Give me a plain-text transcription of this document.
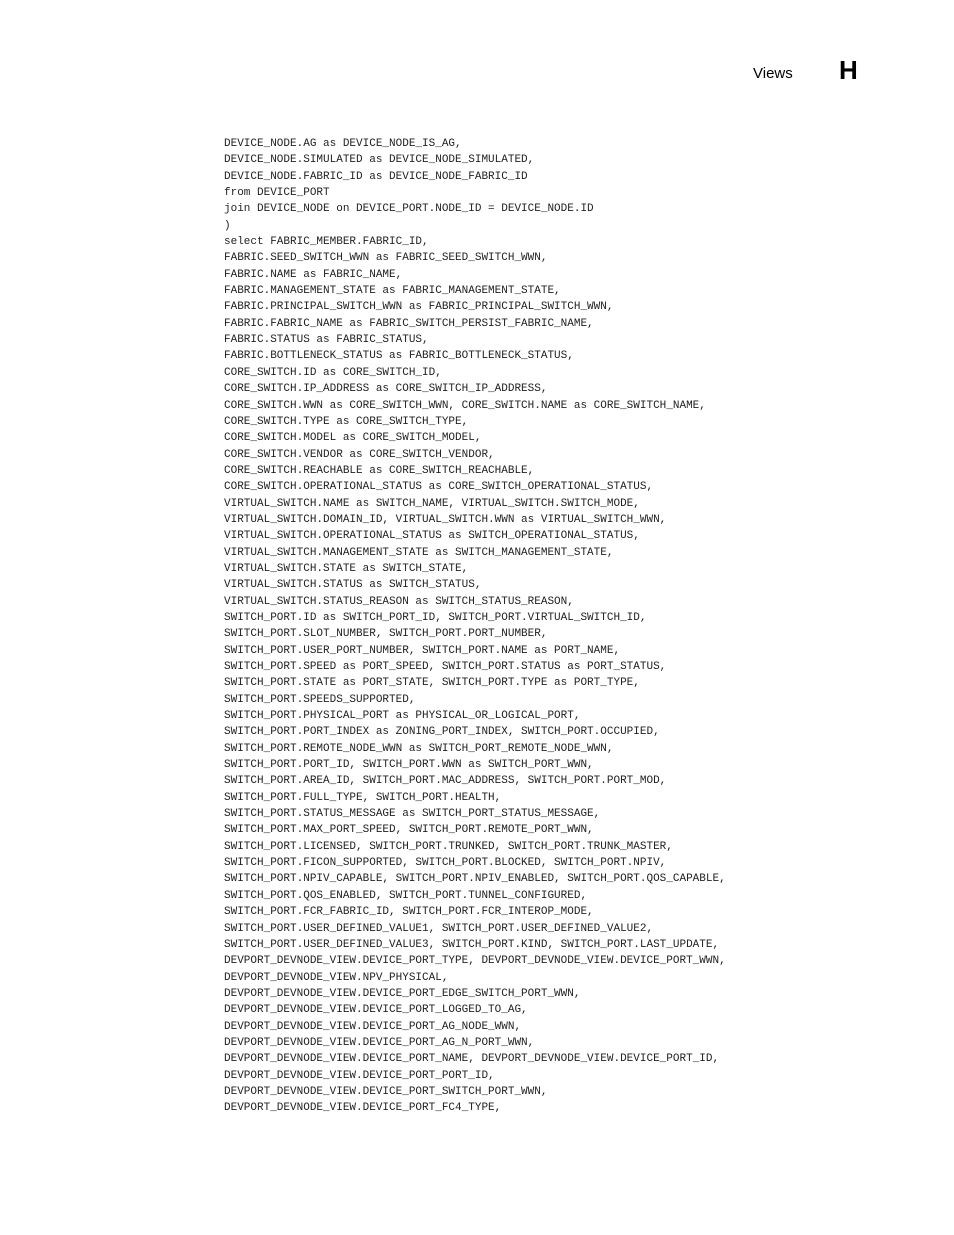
Views H
DEVICE_NODE.AG as DEVICE_NODE_IS_AG,
DEVICE_NODE.SIMULATED as DEVICE_NODE_SIMULATED,
DEVICE_NODE.FABRIC_ID as DEVICE_NODE_FABRIC_ID
from DEVICE_PORT
join DEVICE_NODE on DEVICE_PORT.NODE_ID = DEVICE_NODE.ID
)
select FABRIC_MEMBER.FABRIC_ID,
FABRIC.SEED_SWITCH_WWN as FABRIC_SEED_SWITCH_WWN,
FABRIC.NAME as FABRIC_NAME,
FABRIC.MANAGEMENT_STATE as FABRIC_MANAGEMENT_STATE,
FABRIC.PRINCIPAL_SWITCH_WWN as FABRIC_PRINCIPAL_SWITCH_WWN,
FABRIC.FABRIC_NAME as FABRIC_SWITCH_PERSIST_FABRIC_NAME,
FABRIC.STATUS as FABRIC_STATUS,
FABRIC.BOTTLENECK_STATUS as FABRIC_BOTTLENECK_STATUS,
CORE_SWITCH.ID as CORE_SWITCH_ID,
CORE_SWITCH.IP_ADDRESS as CORE_SWITCH_IP_ADDRESS,
CORE_SWITCH.WWN as CORE_SWITCH_WWN, CORE_SWITCH.NAME as CORE_SWITCH_NAME,
CORE_SWITCH.TYPE as CORE_SWITCH_TYPE,
CORE_SWITCH.MODEL as CORE_SWITCH_MODEL,
CORE_SWITCH.VENDOR as CORE_SWITCH_VENDOR,
CORE_SWITCH.REACHABLE as CORE_SWITCH_REACHABLE,
CORE_SWITCH.OPERATIONAL_STATUS as CORE_SWITCH_OPERATIONAL_STATUS,
VIRTUAL_SWITCH.NAME as SWITCH_NAME, VIRTUAL_SWITCH.SWITCH_MODE,
VIRTUAL_SWITCH.DOMAIN_ID, VIRTUAL_SWITCH.WWN as VIRTUAL_SWITCH_WWN,
VIRTUAL_SWITCH.OPERATIONAL_STATUS as SWITCH_OPERATIONAL_STATUS,
VIRTUAL_SWITCH.MANAGEMENT_STATE as SWITCH_MANAGEMENT_STATE,
VIRTUAL_SWITCH.STATE as SWITCH_STATE,
VIRTUAL_SWITCH.STATUS as SWITCH_STATUS,
VIRTUAL_SWITCH.STATUS_REASON as SWITCH_STATUS_REASON,
SWITCH_PORT.ID as SWITCH_PORT_ID, SWITCH_PORT.VIRTUAL_SWITCH_ID,
SWITCH_PORT.SLOT_NUMBER, SWITCH_PORT.PORT_NUMBER,
SWITCH_PORT.USER_PORT_NUMBER, SWITCH_PORT.NAME as PORT_NAME,
SWITCH_PORT.SPEED as PORT_SPEED, SWITCH_PORT.STATUS as PORT_STATUS,
SWITCH_PORT.STATE as PORT_STATE, SWITCH_PORT.TYPE as PORT_TYPE,
SWITCH_PORT.SPEEDS_SUPPORTED,
SWITCH_PORT.PHYSICAL_PORT as PHYSICAL_OR_LOGICAL_PORT,
SWITCH_PORT.PORT_INDEX as ZONING_PORT_INDEX, SWITCH_PORT.OCCUPIED,
SWITCH_PORT.REMOTE_NODE_WWN as SWITCH_PORT_REMOTE_NODE_WWN,
SWITCH_PORT.PORT_ID, SWITCH_PORT.WWN as SWITCH_PORT_WWN,
SWITCH_PORT.AREA_ID, SWITCH_PORT.MAC_ADDRESS, SWITCH_PORT.PORT_MOD,
SWITCH_PORT.FULL_TYPE, SWITCH_PORT.HEALTH,
SWITCH_PORT.STATUS_MESSAGE as SWITCH_PORT_STATUS_MESSAGE,
SWITCH_PORT.MAX_PORT_SPEED, SWITCH_PORT.REMOTE_PORT_WWN,
SWITCH_PORT.LICENSED, SWITCH_PORT.TRUNKED, SWITCH_PORT.TRUNK_MASTER,
SWITCH_PORT.FICON_SUPPORTED, SWITCH_PORT.BLOCKED, SWITCH_PORT.NPIV,
SWITCH_PORT.NPIV_CAPABLE, SWITCH_PORT.NPIV_ENABLED, SWITCH_PORT.QOS_CAPABLE,
SWITCH_PORT.QOS_ENABLED, SWITCH_PORT.TUNNEL_CONFIGURED,
SWITCH_PORT.FCR_FABRIC_ID, SWITCH_PORT.FCR_INTEROP_MODE,
SWITCH_PORT.USER_DEFINED_VALUE1, SWITCH_PORT.USER_DEFINED_VALUE2,
SWITCH_PORT.USER_DEFINED_VALUE3, SWITCH_PORT.KIND, SWITCH_PORT.LAST_UPDATE,
DEVPORT_DEVNODE_VIEW.DEVICE_PORT_TYPE, DEVPORT_DEVNODE_VIEW.DEVICE_PORT_WWN,
DEVPORT_DEVNODE_VIEW.NPV_PHYSICAL,
DEVPORT_DEVNODE_VIEW.DEVICE_PORT_EDGE_SWITCH_PORT_WWN,
DEVPORT_DEVNODE_VIEW.DEVICE_PORT_LOGGED_TO_AG,
DEVPORT_DEVNODE_VIEW.DEVICE_PORT_AG_NODE_WWN,
DEVPORT_DEVNODE_VIEW.DEVICE_PORT_AG_N_PORT_WWN,
DEVPORT_DEVNODE_VIEW.DEVICE_PORT_NAME, DEVPORT_DEVNODE_VIEW.DEVICE_PORT_ID,
DEVPORT_DEVNODE_VIEW.DEVICE_PORT_PORT_ID,
DEVPORT_DEVNODE_VIEW.DEVICE_PORT_SWITCH_PORT_WWN,
DEVPORT_DEVNODE_VIEW.DEVICE_PORT_FC4_TYPE,
